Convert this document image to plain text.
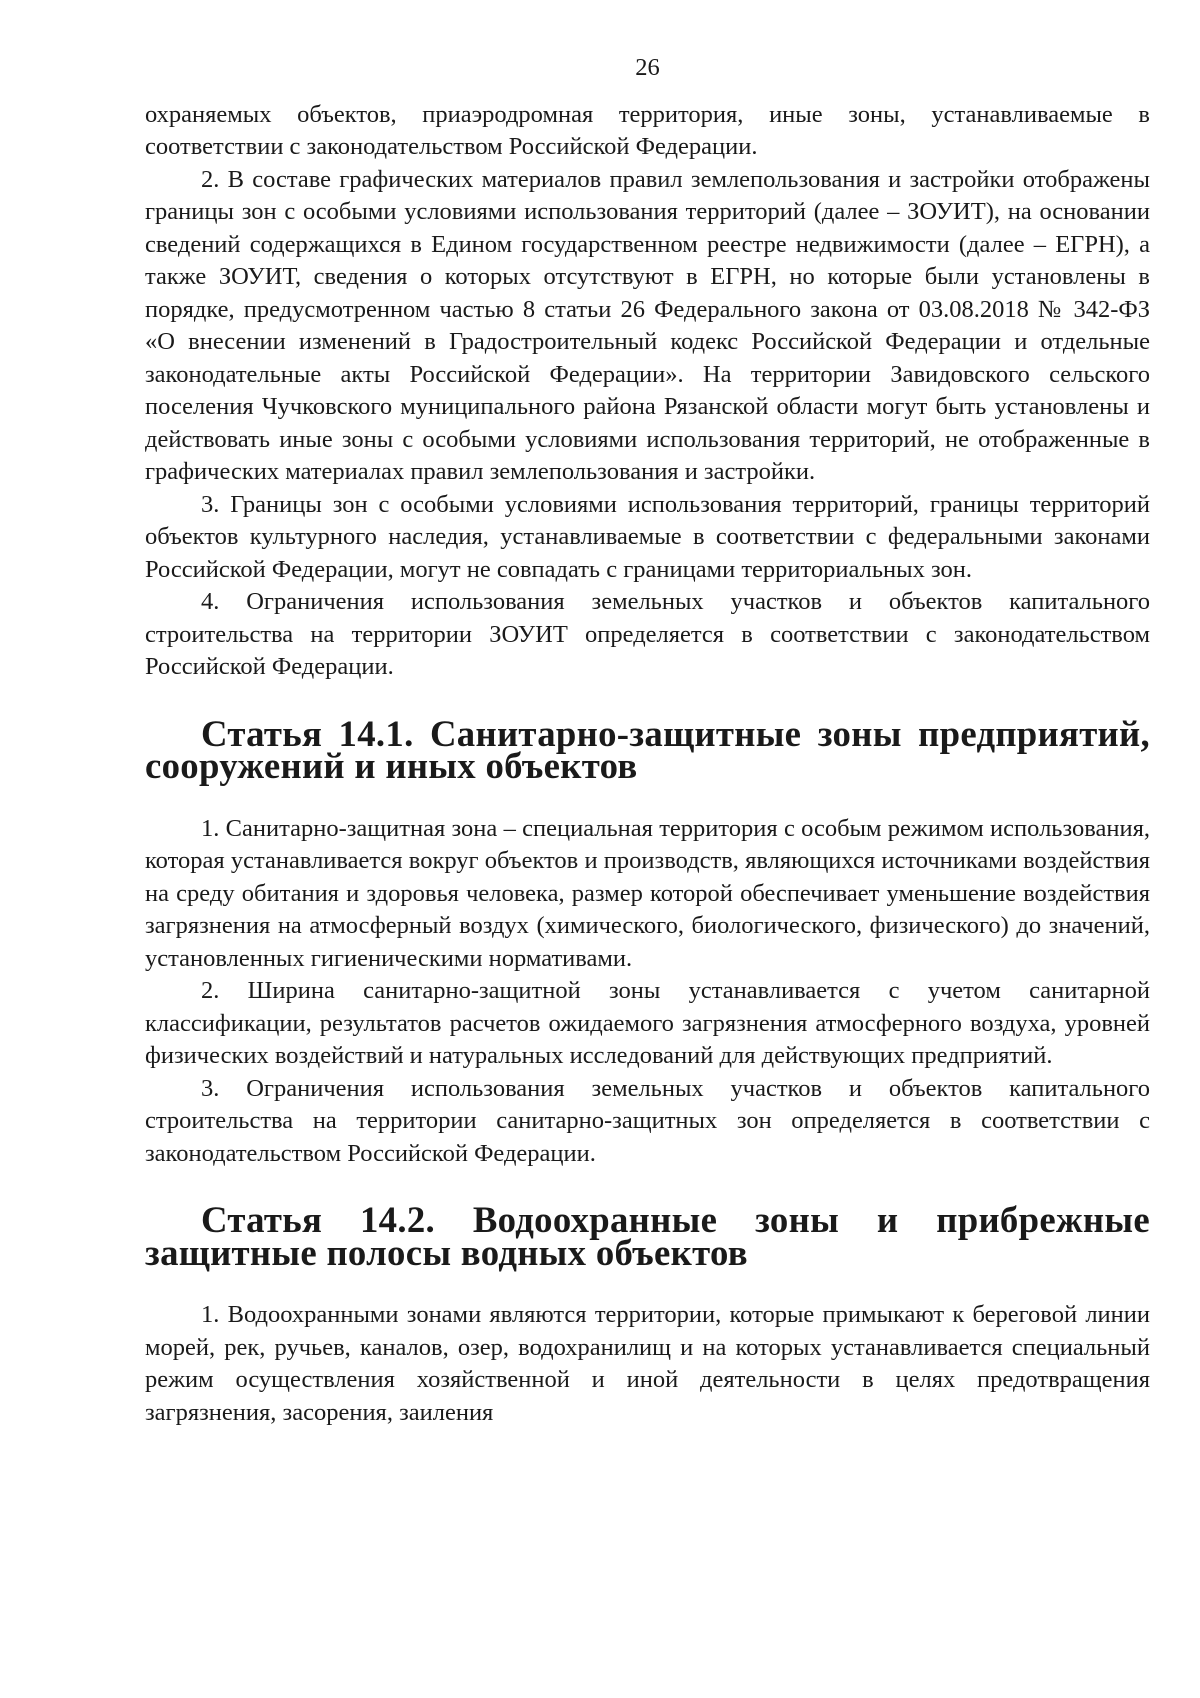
26

охраняемых объектов, приаэродромная территория, иные зоны, устанавливаемые в соответствии с законодательством Российской Федерации.

2. В составе графических материалов правил землепользования и застройки отображены границы зон с особыми условиями использования территорий (далее – ЗОУИТ), на основании сведений содержащихся в Едином государственном реестре недвижимости (далее – ЕГРН), а также ЗОУИТ, сведения о которых отсутствуют в ЕГРН, но которые были установлены в порядке, предусмотренном частью 8 статьи 26 Федерального закона от 03.08.2018 № 342-ФЗ «О внесении изменений в Градостроительный кодекс Российской Федерации и отдельные законодательные акты Российской Федерации». На территории Завидовского сельского поселения Чучковского муниципального района Рязанской области могут быть установлены и действовать иные зоны с особыми условиями использования территорий, не отображенные в графических материалах правил землепользования и застройки.

3. Границы зон с особыми условиями использования территорий, границы территорий объектов культурного наследия, устанавливаемые в соответствии с федеральными законами Российской Федерации, могут не совпадать с границами территориальных зон.

4. Ограничения использования земельных участков и объектов капитального строительства на территории ЗОУИТ определяется в соответствии с законодательством Российской Федерации.

Статья 14.1. Санитарно-защитные зоны предприятий, сооружений и иных объектов

1. Санитарно-защитная зона – специальная территория с особым режимом использования, которая устанавливается вокруг объектов и производств, являющихся источниками воздействия на среду обитания и здоровья человека, размер которой обеспечивает уменьшение воздействия загрязнения на атмосферный воздух (химического, биологического, физического) до значений, установленных гигиеническими нормативами.

2. Ширина санитарно-защитной зоны устанавливается с учетом санитарной классификации, результатов расчетов ожидаемого загрязнения атмосферного воздуха, уровней физических воздействий и натуральных исследований для действующих предприятий.

3. Ограничения использования земельных участков и объектов капитального строительства на территории санитарно-защитных зон определяется в соответствии с законодательством Российской Федерации.

Статья 14.2. Водоохранные зоны и прибрежные защитные полосы водных объектов

1. Водоохранными зонами являются территории, которые примыкают к береговой линии морей, рек, ручьев, каналов, озер, водохранилищ и на которых устанавливается специальный режим осуществления хозяйственной и иной деятельности в целях предотвращения загрязнения, засорения, заиления
